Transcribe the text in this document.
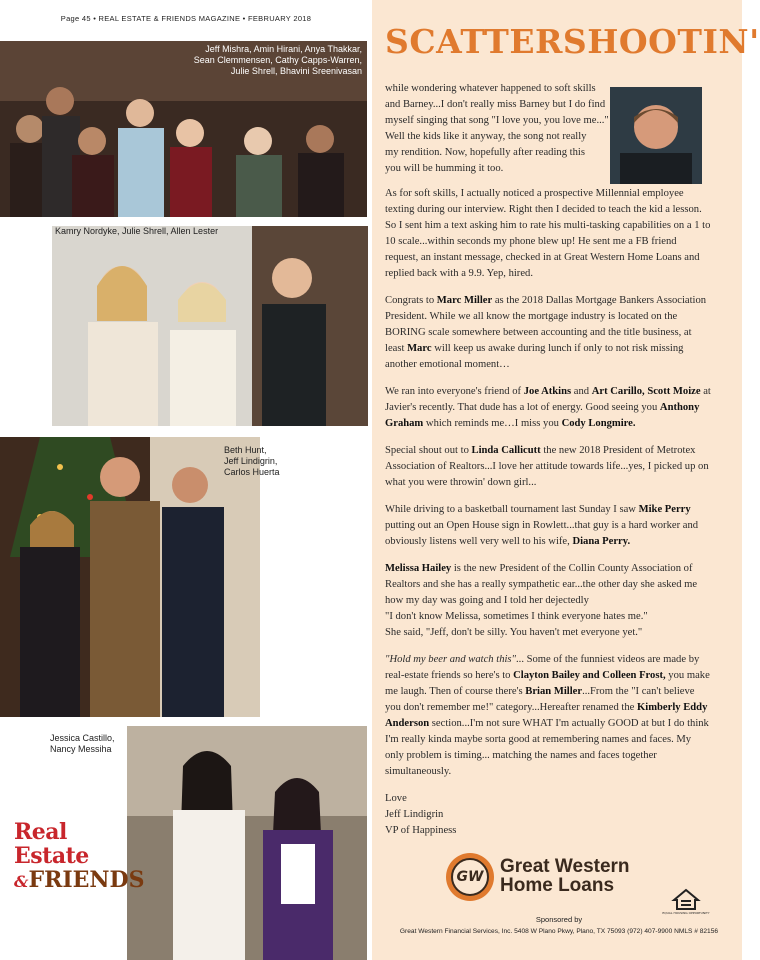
Page 45 • REAL ESTATE & FRIENDS MAGAZINE • FEBRUARY 2018
Jeff Mishra, Amin Hirani, Anya Thakkar,
Sean Clemmensen, Cathy Capps-Warren,
Julie Shrell, Bhavini Sreenivasan
Kamry Nordyke, Julie Shrell, Allen Lester
Beth Hunt,
Jeff Lindigrin,
Carlos Huerta
Jessica Castillo,
Nancy Messiha
Real Estate
&FRIENDS
SCATTERSHOOTIN'
while wondering whatever happened to soft skills
and Barney...I don't really miss Barney but I do find
myself singing that song "I love you, you love me..."
Well the kids like it anyway, the song not really
my rendition. Now, hopefully after reading this
you will be humming it too.

As for soft skills, I actually noticed a prospective Millennial employee texting during our interview. Right then I decided to teach the kid a lesson. So I sent him a text asking him to rate his multi-tasking capabilities on a 1 to 10 scale...within seconds my phone blew up! He sent me a FB friend request, an instant message, checked in at Great Western Home Loans and replied back with a 9.9. Yep, hired.

Congrats to Marc Miller as the 2018 Dallas Mortgage Bankers Association President. While we all know the mortgage industry is located on the BORING scale somewhere between accounting and the title business, at least Marc will keep us awake during lunch if only to not risk missing another emotional moment…

We ran into everyone's friend of Joe Atkins and Art Carillo, Scott Moize at Javier's recently. That dude has a lot of energy. Good seeing you Anthony Graham which reminds me…I miss you Cody Longmire.

Special shout out to Linda Callicutt the new 2018 President of Metrotex Association of Realtors...I love her attitude towards life...yes, I picked up on what you were throwin' down girl...

While driving to a basketball tournament last Sunday I saw Mike Perry putting out an Open House sign in Rowlett...that guy is a hard worker and obviously listens well very well to his wife, Diana Perry.

Melissa Hailey is the new President of the Collin County Association of Realtors and she has a really sympathetic ear...the other day she asked me how my day was going and I told her dejectedly
"I don't know Melissa, sometimes I think everyone hates me."
She said, "Jeff, don't be silly. You haven't met everyone yet."

"Hold my beer and watch this"... Some of the funniest videos are made by real-estate friends so here's to Clayton Bailey and Colleen Frost, you make me laugh. Then of course there's Brian Miller...From the "I can't believe you don't remember me!" category...Hereafter renamed the Kimberly Eddy Anderson section...I'm not sure WHAT I'm actually GOOD at but I do think I'm really kinda maybe sorta good at remembering names and faces. My only problem is timing... matching the names and faces together simultaneously.

Love
Jeff Lindigrin
VP of Happiness
GW Great Western
Home Loans
EQUAL HOUSING OPPORTUNITY
Sponsored by
Great Western Financial Services, Inc. 5408 W Plano Pkwy, Plano, TX 75093 (972) 407-9900 NMLS # 82156
